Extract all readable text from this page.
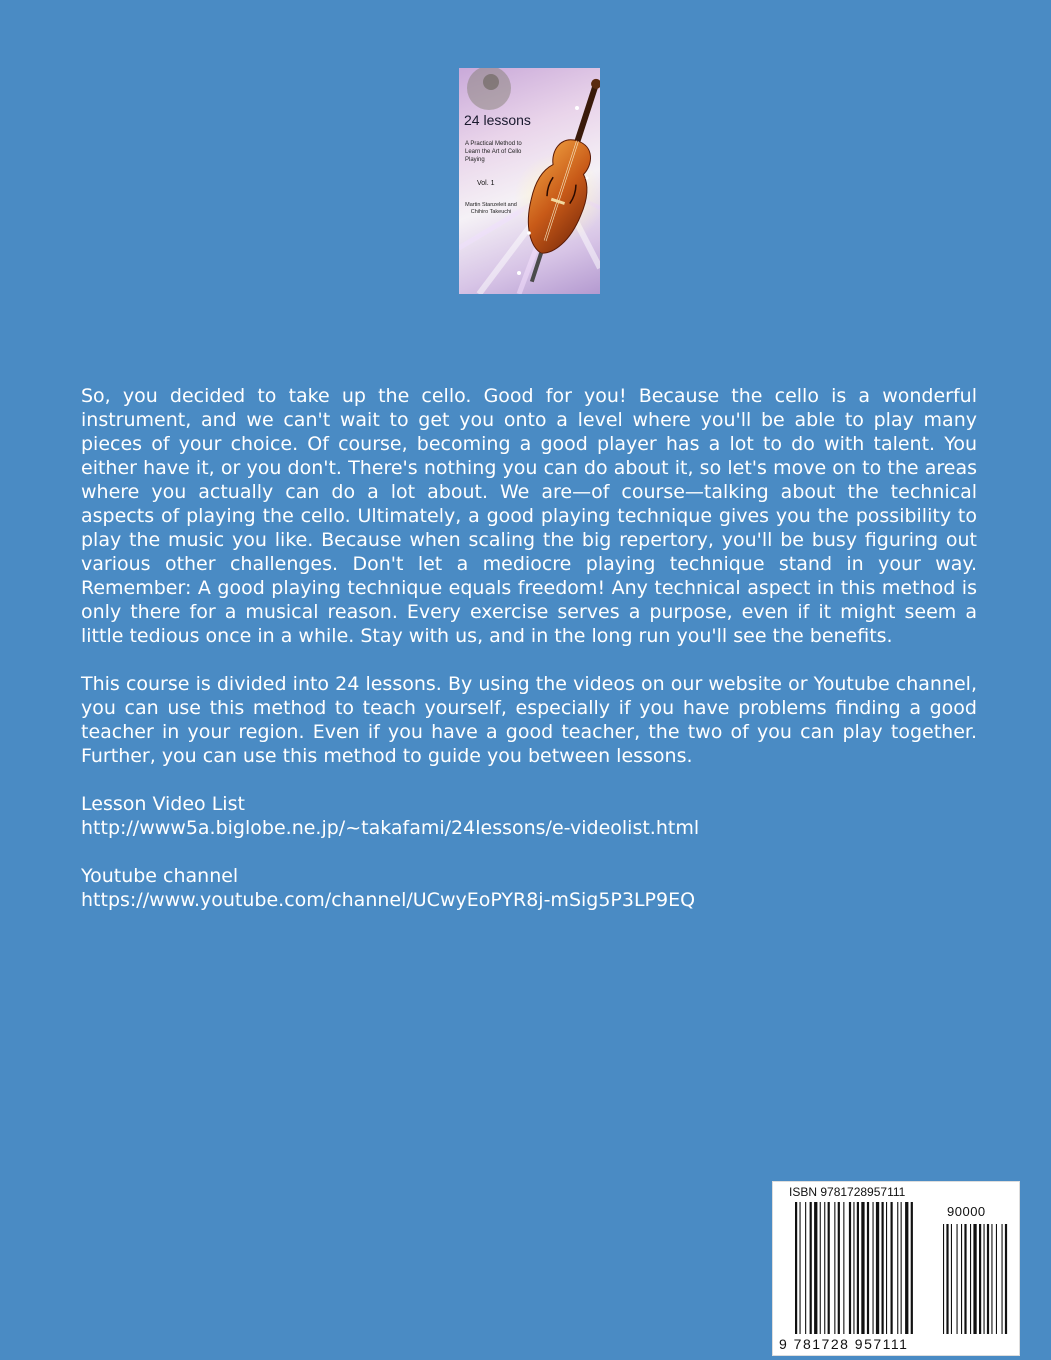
24 lessons
A Practical Method to Learn the Art of Cello Playing
Vol. 1
Martin Stanzeleit and Chihiro Takeuchi

So, you decided to take up the cello. Good for you! Because the cello is a wonderful instrument, and we can't wait to get you onto a level where you'll be able to play many pieces of your choice. Of course, becoming a good player has a lot to do with talent. You either have it, or you don't. There's nothing you can do about it, so let's move on to the areas where you actually can do a lot about. We are—of course—talking about the technical aspects of playing the cello. Ultimately, a good playing technique gives you the possibility to play the music you like. Because when scaling the big repertory, you'll be busy figuring out various other challenges. Don't let a mediocre playing technique stand in your way. Remember: A good playing technique equals freedom! Any technical aspect in this method is only there for a musical reason. Every exercise serves a purpose, even if it might seem a little tedious once in a while. Stay with us, and in the long run you'll see the benefits.

This course is divided into 24 lessons. By using the videos on our website or Youtube channel, you can use this method to teach yourself, especially if you have problems finding a good teacher in your region. Even if you have a good teacher, the two of you can play together. Further, you can use this method to guide you between lessons.

Lesson Video List
http://www5a.biglobe.ne.jp/~takafami/24lessons/e-videolist.html
Youtube channel
https://www.youtube.com/channel/UCwyEoPYR8j-mSig5P3LP9EQ
ISBN 9781728957111
90000
9 781728 957111
